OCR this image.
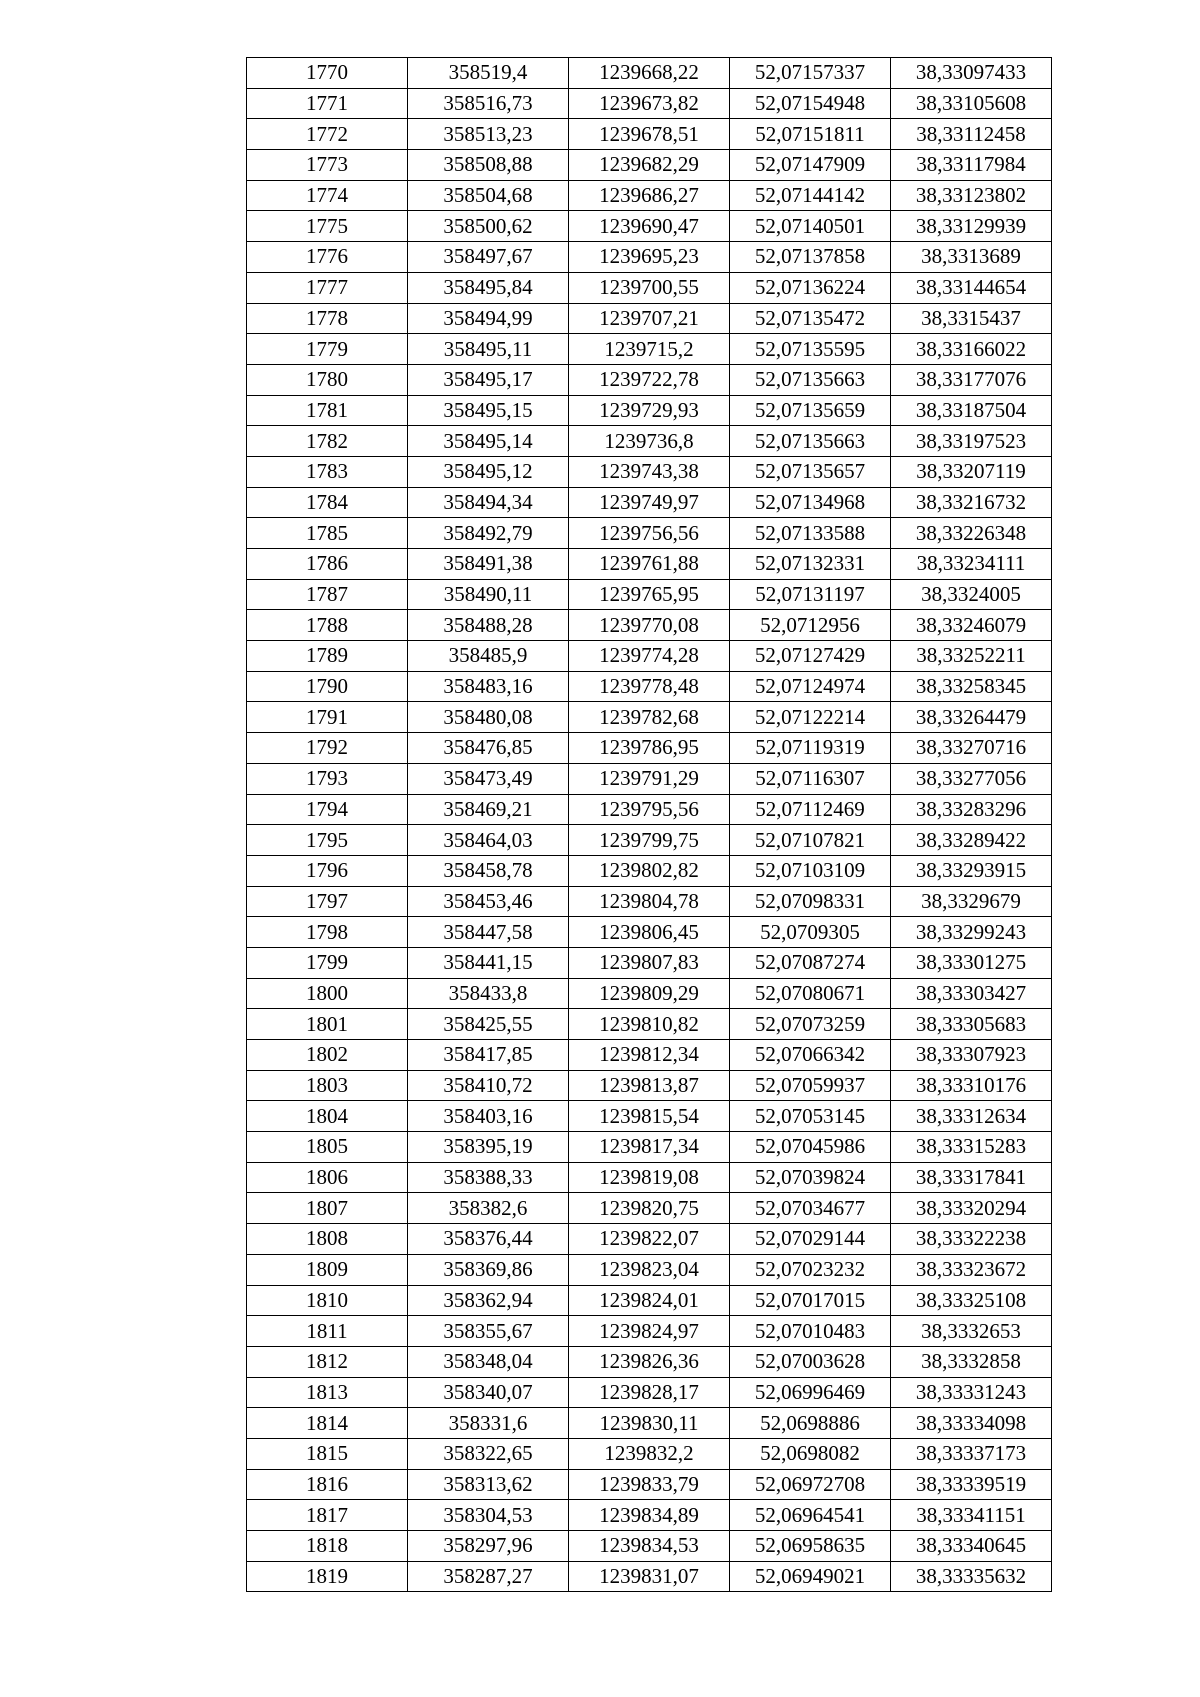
1770	358519,4	1239668,22	52,07157337	38,33097433
1771	358516,73	1239673,82	52,07154948	38,33105608
1772	358513,23	1239678,51	52,07151811	38,33112458
1773	358508,88	1239682,29	52,07147909	38,33117984
1774	358504,68	1239686,27	52,07144142	38,33123802
1775	358500,62	1239690,47	52,07140501	38,33129939
1776	358497,67	1239695,23	52,07137858	38,3313689
1777	358495,84	1239700,55	52,07136224	38,33144654
1778	358494,99	1239707,21	52,07135472	38,3315437
1779	358495,11	1239715,2	52,07135595	38,33166022
1780	358495,17	1239722,78	52,07135663	38,33177076
1781	358495,15	1239729,93	52,07135659	38,33187504
1782	358495,14	1239736,8	52,07135663	38,33197523
1783	358495,12	1239743,38	52,07135657	38,33207119
1784	358494,34	1239749,97	52,07134968	38,33216732
1785	358492,79	1239756,56	52,07133588	38,33226348
1786	358491,38	1239761,88	52,07132331	38,33234111
1787	358490,11	1239765,95	52,07131197	38,3324005
1788	358488,28	1239770,08	52,0712956	38,33246079
1789	358485,9	1239774,28	52,07127429	38,33252211
1790	358483,16	1239778,48	52,07124974	38,33258345
1791	358480,08	1239782,68	52,07122214	38,33264479
1792	358476,85	1239786,95	52,07119319	38,33270716
1793	358473,49	1239791,29	52,07116307	38,33277056
1794	358469,21	1239795,56	52,07112469	38,33283296
1795	358464,03	1239799,75	52,07107821	38,33289422
1796	358458,78	1239802,82	52,07103109	38,33293915
1797	358453,46	1239804,78	52,07098331	38,3329679
1798	358447,58	1239806,45	52,0709305	38,33299243
1799	358441,15	1239807,83	52,07087274	38,33301275
1800	358433,8	1239809,29	52,07080671	38,33303427
1801	358425,55	1239810,82	52,07073259	38,33305683
1802	358417,85	1239812,34	52,07066342	38,33307923
1803	358410,72	1239813,87	52,07059937	38,33310176
1804	358403,16	1239815,54	52,07053145	38,33312634
1805	358395,19	1239817,34	52,07045986	38,33315283
1806	358388,33	1239819,08	52,07039824	38,33317841
1807	358382,6	1239820,75	52,07034677	38,33320294
1808	358376,44	1239822,07	52,07029144	38,33322238
1809	358369,86	1239823,04	52,07023232	38,33323672
1810	358362,94	1239824,01	52,07017015	38,33325108
1811	358355,67	1239824,97	52,07010483	38,3332653
1812	358348,04	1239826,36	52,07003628	38,3332858
1813	358340,07	1239828,17	52,06996469	38,33331243
1814	358331,6	1239830,11	52,0698886	38,33334098
1815	358322,65	1239832,2	52,0698082	38,33337173
1816	358313,62	1239833,79	52,06972708	38,33339519
1817	358304,53	1239834,89	52,06964541	38,33341151
1818	358297,96	1239834,53	52,06958635	38,33340645
1819	358287,27	1239831,07	52,06949021	38,33335632
